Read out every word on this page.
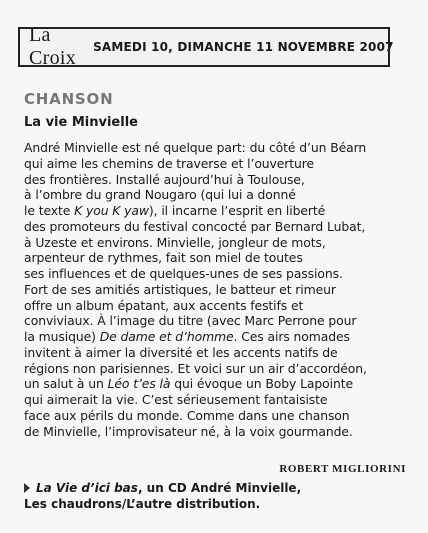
La Croix	SAMEDI 10, DIMANCHE 11 NOVEMBRE 2007
CHANSON
La vie Minvielle
André Minvielle est né quelque part: du côté d’un Béarn
qui aime les chemins de traverse et l’ouverture
des frontières. Installé aujourd’hui à Toulouse,
à l’ombre du grand Nougaro (qui lui a donné
le texte K you K yaw), il incarne l’esprit en liberté
des promoteurs du festival concocté par Bernard Lubat,
à Uzeste et environs. Minvielle, jongleur de mots,
arpenteur de rythmes, fait son miel de toutes
ses influences et de quelques-unes de ses passions.
Fort de ses amitiés artistiques, le batteur et rimeur
offre un album épatant, aux accents festifs et
conviviaux. À l’image du titre (avec Marc Perrone pour
la musique) De dame et d’homme. Ces airs nomades
invitent à aimer la diversité et les accents natifs de
régions non parisiennes. Et voici sur un air d’accordéon,
un salut à un Léo t’es là qui évoque un Boby Lapointe
qui aimerait la vie. C’est sérieusement fantaisiste
face aux périls du monde. Comme dans une chanson
de Minvielle, l’improvisateur né, à la voix gourmande.
ROBERT MIGLIORINI
La Vie d’ici bas, un CD André Minvielle,
Les chaudrons/L’autre distribution.
